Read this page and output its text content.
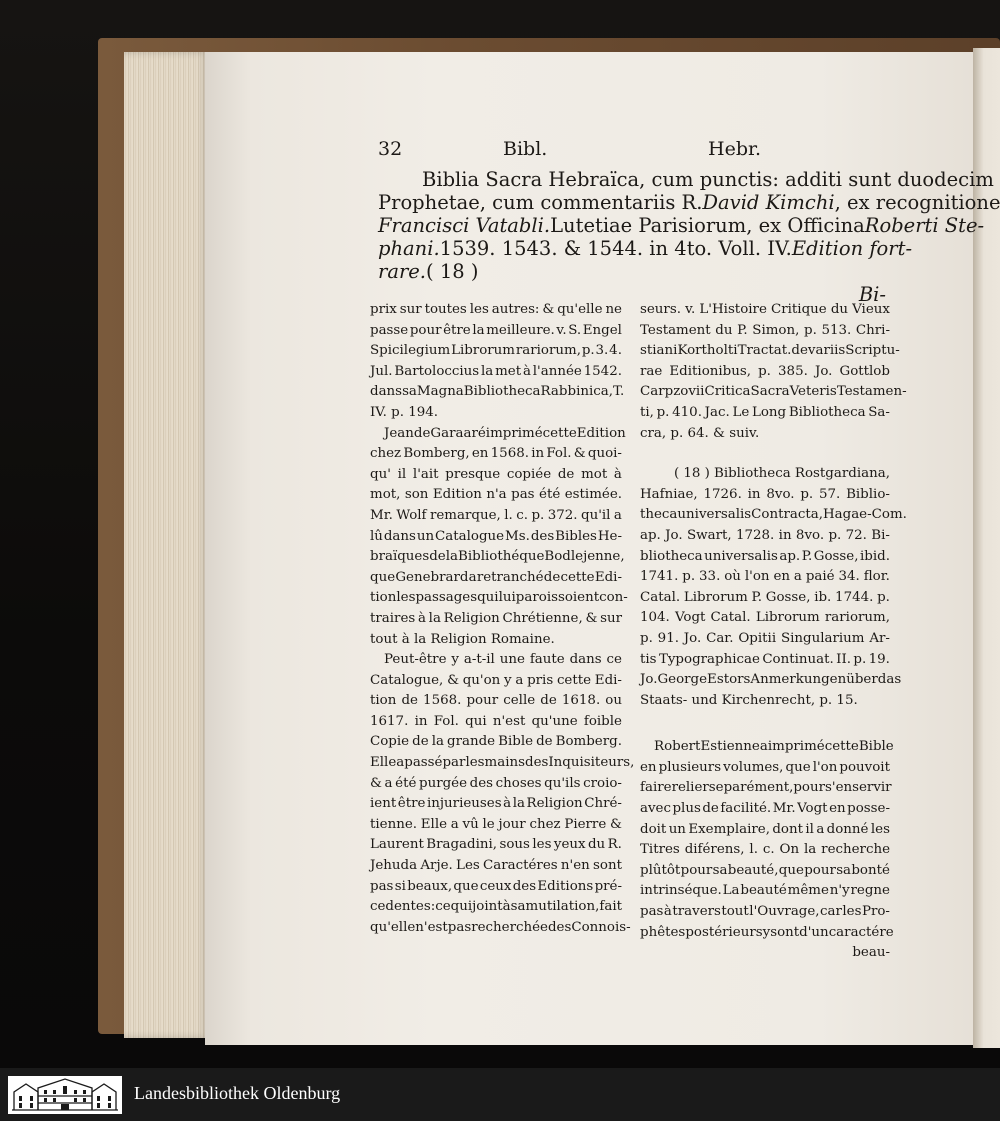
32	Bibl.	Hebr.
Biblia Sacra Hebraïca, cum punctis: additi sunt duodecim
Prophetae, cum commentariis R. David Kimchi , ex recognitione
Francisci Vatabli. Lutetiae Parisiorum, ex Officina Roberti Ste-
phani. 1539. 1543. & 1544. in 4to. Voll. IV. Edition fort-
rare. ( 18 )
Bi-
prix sur toutes les autres: & qu'elle ne
passe pour être la meilleure. v. S. Engel
Spicilegium Librorum rariorum, p. 3. 4.
Jul. Bartoloccius la met à l'année 1542.
dans sa Magna Bibliotheca Rabbinica, T.
IV. p. 194.
Jean de Gara a réimprimé cette Edition
chez Bomberg, en 1568. in Fol. & quoi-
qu' il l'ait presque copiée de mot à
mot, son Edition n'a pas été estimée.
Mr. Wolf remarque, l. c. p. 372. qu'il a
lû dans un Catalogue Ms. des Bibles He-
braïques de la Bibliothéque Bodlejenne,
que Genebrard a retranché de cette Edi-
tion les passages qui lui paroissoient con-
traires à la Religion Chrétienne, & sur
tout à la Religion Romaine.
Peut-être y a-t-il une faute dans ce
Catalogue, & qu'on y a pris cette Edi-
tion de 1568. pour celle de 1618. ou
1617. in Fol. qui n'est qu'une foible
Copie de la grande Bible de Bomberg.
Elle a passé par les mains des Inquisiteurs,
& a été purgée des choses qu'ils croio-
ient être injurieuses à la Religion Chré-
tienne. Elle a vû le jour chez Pierre &
Laurent Bragadini, sous les yeux du R.
Jehuda Arje. Les Caractéres n'en sont
pas si beaux, que ceux des Editions pré-
cedentes: ce qui joint à sa mutilation, fait
qu'elle n'est pas recherchée des Connois-
seurs. v. L'Histoire Critique du Vieux
Testament du P. Simon, p. 513. Chri-
stiani Kortholti Tractat. de variis Scriptu-
rae Editionibus, p. 385. Jo. Gottlob
Carpzovii Critica Sacra Veteris Testamen-
ti, p. 410. Jac. Le Long Bibliotheca Sa-
cra, p. 64. & suiv.
( 18 ) Bibliotheca Rostgardiana,
Hafniae, 1726. in 8vo. p. 57. Biblio-
theca universalis Contracta, Hagae-Com.
ap. Jo. Swart, 1728. in 8vo. p. 72. Bi-
bliotheca universalis ap. P. Gosse, ibid.
1741. p. 33. où l'on en a paié 34. flor.
Catal. Librorum P. Gosse, ib. 1744. p.
104. Vogt Catal. Librorum rariorum,
p. 91. Jo. Car. Opitii Singularium Ar-
tis Typographicae Continuat. II. p. 19.
Jo. George Estors Anmerkungen über das
Staats- und Kirchenrecht, p. 15.
Robert Estienne a imprimé cette Bible
en plusieurs volumes, que l'on pouvoit
faire relier separément, pour s'en servir
avec plus de facilité. Mr. Vogt en posse-
doit un Exemplaire, dont il a donné les
Titres diférens, l. c. On la recherche
plûtôt pour sa beauté, que pour sa bonté
intrinséque. La beauté même n'y regne
pas à travers tout l'Ouvrage, car les Pro-
phêtes postérieurs y sont d'un caractére
beau-
Landesbibliothek Oldenburg
